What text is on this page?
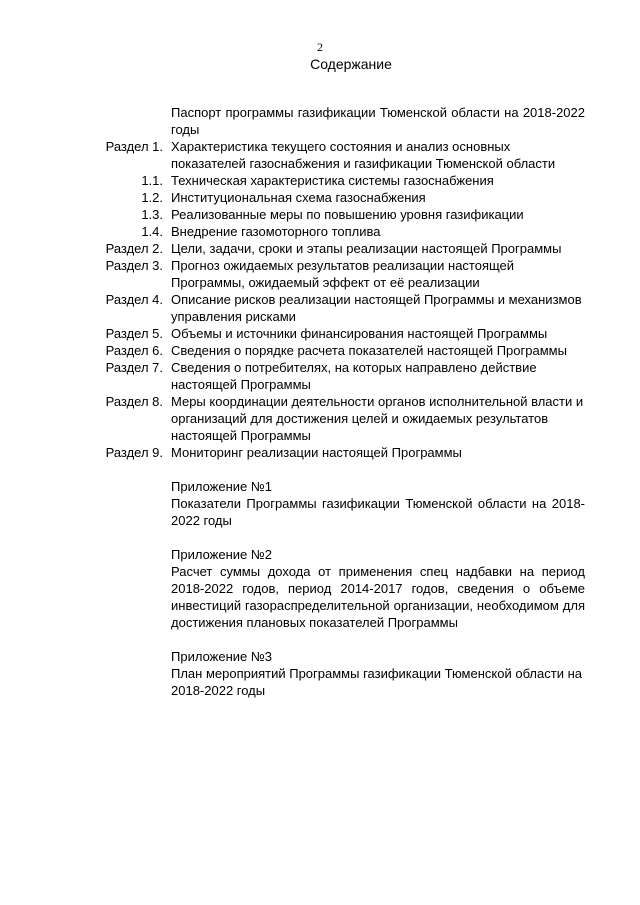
2
Содержание
Паспорт программы газификации Тюменской области на 2018-2022 годы
Раздел 1. Характеристика текущего состояния и анализ основных показателей газоснабжения и газификации Тюменской области
1.1. Техническая характеристика системы газоснабжения
1.2. Институциональная схема газоснабжения
1.3. Реализованные меры по повышению уровня газификации
1.4. Внедрение газомоторного топлива
Раздел 2. Цели, задачи, сроки и этапы реализации настоящей Программы
Раздел 3. Прогноз ожидаемых результатов реализации настоящей Программы, ожидаемый эффект от её реализации
Раздел 4. Описание рисков реализации настоящей Программы и механизмов управления рисками
Раздел 5. Объемы и источники финансирования настоящей Программы
Раздел 6. Сведения о порядке расчета показателей настоящей Программы
Раздел 7. Сведения о потребителях, на которых направлено действие настоящей Программы
Раздел 8. Меры координации деятельности органов исполнительной власти и организаций для достижения целей и ожидаемых результатов настоящей Программы
Раздел 9. Мониторинг реализации настоящей Программы
Приложение №1
Показатели Программы газификации Тюменской области на 2018-2022 годы
Приложение №2
Расчет суммы дохода от применения спец надбавки на период 2018-2022 годов, период 2014-2017 годов, сведения о объеме инвестиций газораспределительной организации, необходимом для достижения плановых показателей Программы
Приложение №3
План мероприятий Программы газификации Тюменской области на 2018-2022 годы
